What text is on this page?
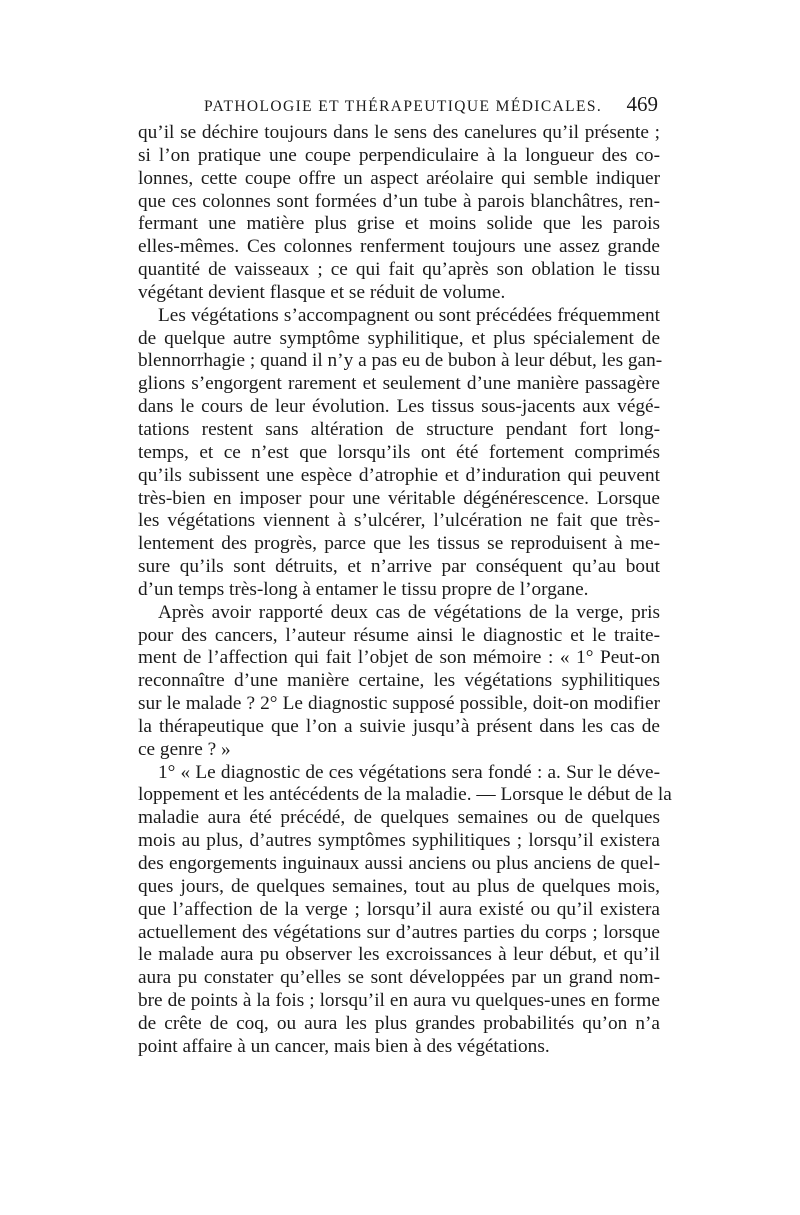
PATHOLOGIE ET THÉRAPEUTIQUE MÉDICALES. 469
qu’il se déchire toujours dans le sens des canelures qu’il présente ;
si l’on pratique une coupe perpendiculaire à la longueur des co-
lonnes, cette coupe offre un aspect aréolaire qui semble indiquer
que ces colonnes sont formées d’un tube à parois blanchâtres, ren-
fermant une matière plus grise et moins solide que les parois
elles-mêmes. Ces colonnes renferment toujours une assez grande
quantité de vaisseaux ; ce qui fait qu’après son oblation le tissu
végétant devient flasque et se réduit de volume.
Les végétations s’accompagnent ou sont précédées fréquemment
de quelque autre symptôme syphilitique, et plus spécialement de
blennorrhagie ; quand il n’y a pas eu de bubon à leur début, les gan-
glions s’engorgent rarement et seulement d’une manière passagère
dans le cours de leur évolution. Les tissus sous-jacents aux végé-
tations restent sans altération de structure pendant fort long-
temps, et ce n’est que lorsqu’ils ont été fortement comprimés
qu’ils subissent une espèce d’atrophie et d’induration qui peuvent
très-bien en imposer pour une véritable dégénérescence. Lorsque
les végétations viennent à s’ulcérer, l’ulcération ne fait que très-
lentement des progrès, parce que les tissus se reproduisent à me-
sure qu’ils sont détruits, et n’arrive par conséquent qu’au bout
d’un temps très-long à entamer le tissu propre de l’organe.
Après avoir rapporté deux cas de végétations de la verge, pris
pour des cancers, l’auteur résume ainsi le diagnostic et le traite-
ment de l’affection qui fait l’objet de son mémoire : « 1° Peut-on
reconnaître d’une manière certaine, les végétations syphilitiques
sur le malade ? 2° Le diagnostic supposé possible, doit-on modifier
la thérapeutique que l’on a suivie jusqu’à présent dans les cas de
ce genre ? »
1° « Le diagnostic de ces végétations sera fondé : a. Sur le déve-
loppement et les antécédents de la maladie. — Lorsque le début de la
maladie aura été précédé, de quelques semaines ou de quelques
mois au plus, d’autres symptômes syphilitiques ; lorsqu’il existera
des engorgements inguinaux aussi anciens ou plus anciens de quel-
ques jours, de quelques semaines, tout au plus de quelques mois,
que l’affection de la verge ; lorsqu’il aura existé ou qu’il existera
actuellement des végétations sur d’autres parties du corps ; lorsque
le malade aura pu observer les excroissances à leur début, et qu’il
aura pu constater qu’elles se sont développées par un grand nom-
bre de points à la fois ; lorsqu’il en aura vu quelques-unes en forme
de crête de coq, ou aura les plus grandes probabilités qu’on n’a
point affaire à un cancer, mais bien à des végétations.
